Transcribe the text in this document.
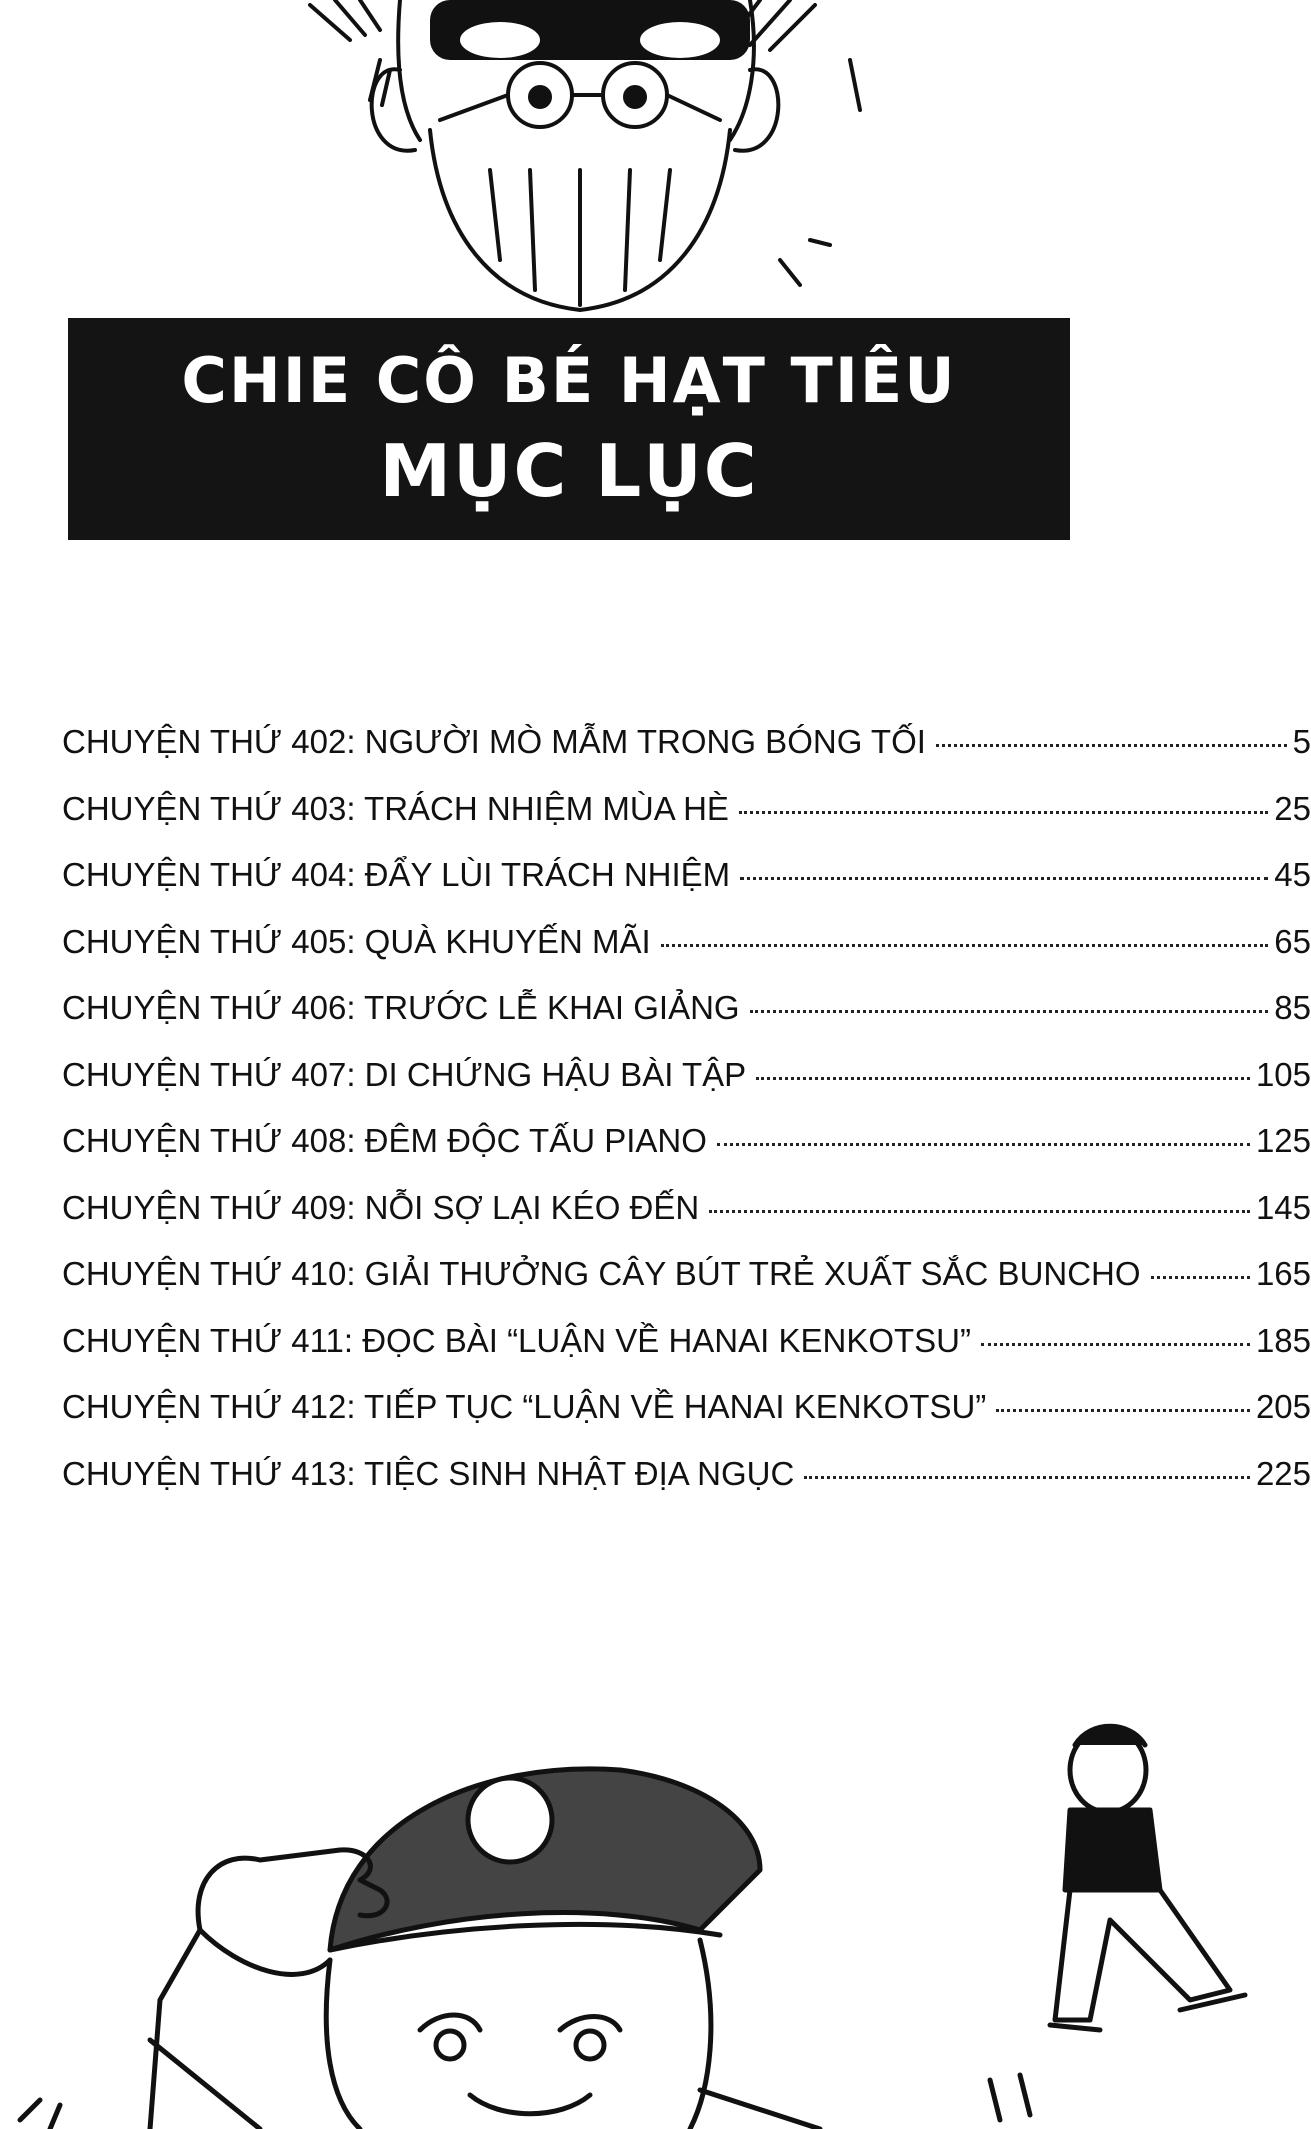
CHIE CÔ BÉ HẠT TIÊU
MỤC LỤC
CHUYỆN THỨ 402: NGƯỜI MÒ MẪM TRONG BÓNG TỐI	5
CHUYỆN THỨ 403: TRÁCH NHIỆM MÙA HÈ	25
CHUYỆN THỨ 404: ĐẨY LÙI TRÁCH NHIỆM	45
CHUYỆN THỨ 405: QUÀ KHUYẾN MÃI	65
CHUYỆN THỨ 406: TRƯỚC LỄ KHAI GIẢNG	85
CHUYỆN THỨ 407: DI CHỨNG HẬU BÀI TẬP	105
CHUYỆN THỨ 408: ĐÊM ĐỘC TẤU PIANO	125
CHUYỆN THỨ 409: NỖI SỢ LẠI KÉO ĐẾN	145
CHUYỆN THỨ 410: GIẢI THƯỞNG CÂY BÚT TRẺ XUẤT SẮC BUNCHO	165
CHUYỆN THỨ 411: ĐỌC BÀI “LUẬN VỀ HANAI KENKOTSU”	185
CHUYỆN THỨ 412: TIẾP TỤC “LUẬN VỀ HANAI KENKOTSU”	205
CHUYỆN THỨ 413: TIỆC SINH NHẬT ĐỊA NGỤC	225
